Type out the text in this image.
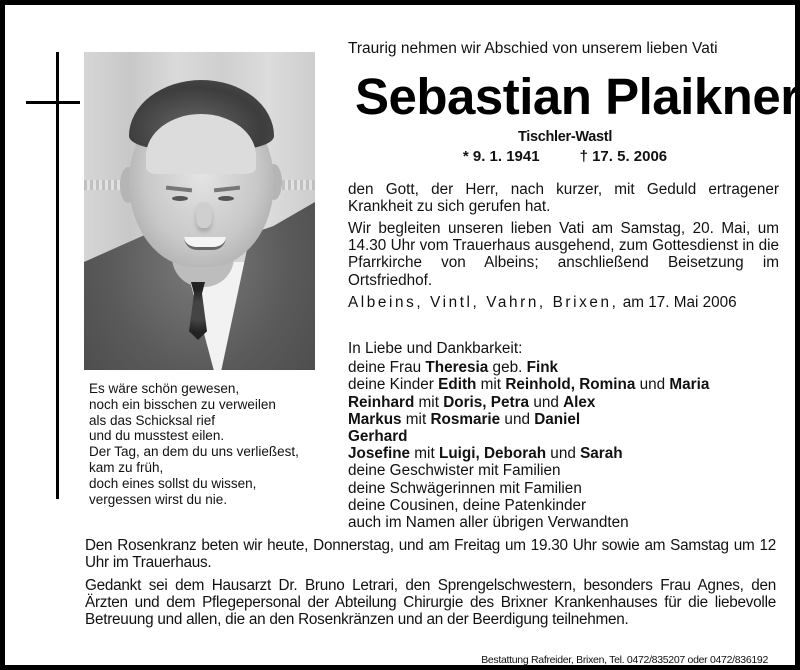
Es wäre schön gewesen,
noch ein bisschen zu verweilen
als das Schicksal rief
und du musstest eilen.
Der Tag, an dem du uns verließest,
kam zu früh,
doch eines sollst du wissen,
vergessen wirst du nie.
Traurig nehmen wir Abschied von unserem lieben Vati
Sebastian Plaikner
Tischler-Wastl
* 9. 1. 1941	† 17. 5. 2006
den Gott, der Herr, nach kurzer, mit Geduld ertragener Krankheit zu sich gerufen hat.
Wir begleiten unseren lieben Vati am Samstag, 20. Mai, um 14.30 Uhr vom Trauerhaus ausgehend, zum Gottesdienst in die Pfarrkirche von Albeins; anschließend Beisetzung im Ortsfriedhof.
Albeins, Vintl, Vahrn, Brixen, am 17. Mai 2006
In Liebe und Dankbarkeit:
deine Frau Theresia geb. Fink
deine Kinder Edith mit Reinhold, Romina und Maria
Reinhard mit Doris, Petra und Alex
Markus mit Rosmarie und Daniel
Gerhard
Josefine mit Luigi, Deborah und Sarah
deine Geschwister mit Familien
deine Schwägerinnen mit Familien
deine Cousinen, deine Patenkinder
auch im Namen aller übrigen Verwandten
Den Rosenkranz beten wir heute, Donnerstag, und am Freitag um 19.30 Uhr sowie am Samstag um 12 Uhr im Trauerhaus.
Gedankt sei dem Hausarzt Dr. Bruno Letrari, den Sprengelschwestern, besonders Frau Agnes, den Ärzten und dem Pflegepersonal der Abteilung Chirurgie des Brixner Krankenhauses für die liebevolle Betreuung und allen, die an den Rosenkränzen und an der Beerdigung teilnehmen.
Bestattung Rafreider, Brixen, Tel. 0472/835207 oder 0472/836192
